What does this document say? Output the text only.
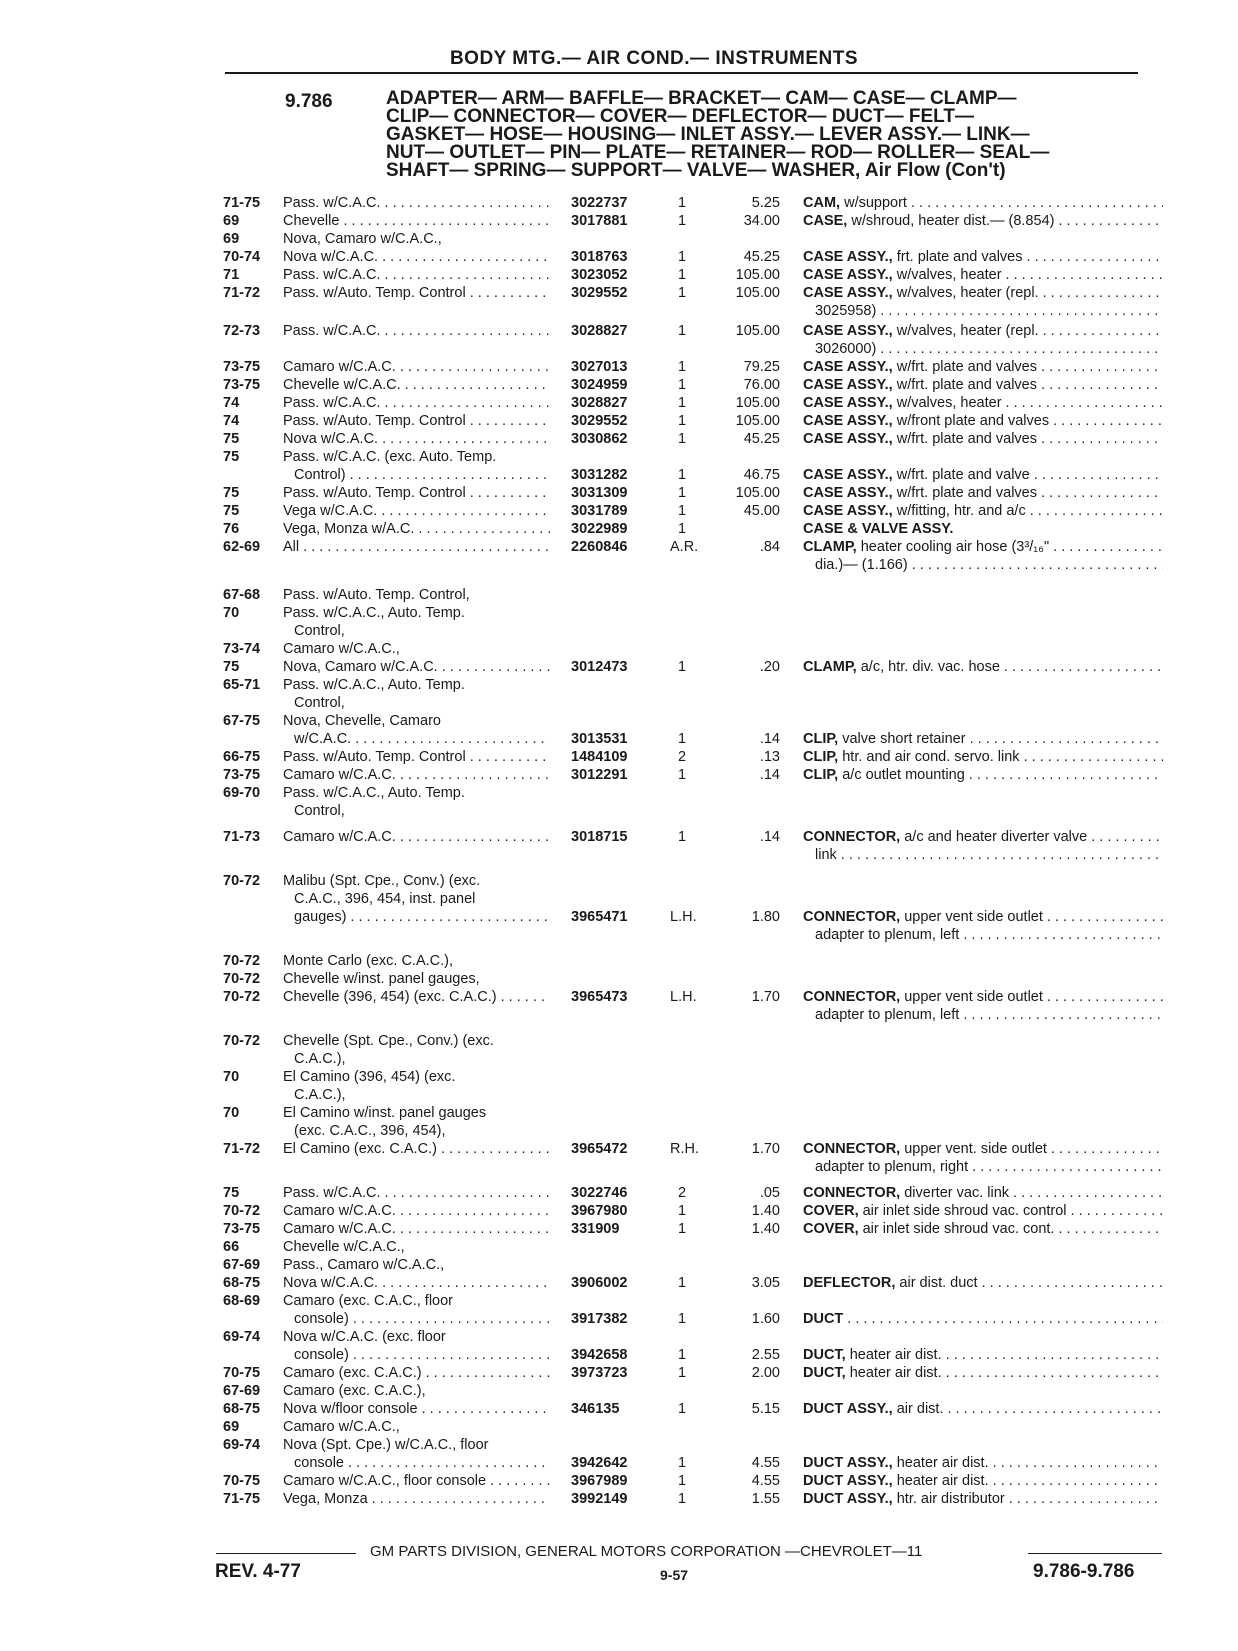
BODY MTG.— AIR COND.— INSTRUMENTS
9.786	ADAPTER— ARM— BAFFLE— BRACKET— CAM— CASE— CLAMP—
CLIP— CONNECTOR— COVER— DEFLECTOR— DUCT— FELT—
GASKET— HOSE— HOUSING— INLET ASSY.— LEVER ASSY.— LINK—
NUT— OUTLET— PIN— PLATE— RETAINER— ROD— ROLLER— SEAL—
SHAFT— SPRING— SUPPORT— VALVE— WASHER, Air Flow (Con't)
71-75 Pass. w/C.A.C. . . .	3022737	1	5.25 CAM, w/support . . .
69	Chevelle . . .	3017881	1	34.00 CASE, w/shroud, heater dist.— (8.854) . . .
69	Nova, Camaro w/C.A.C.,
70-74 Nova w/C.A.C. . . .	3018763	1	45.25 CASE ASSY., frt. plate and valves . . .
71	Pass. w/C.A.C. . . .	3023052	1	105.00 CASE ASSY., w/valves, heater . . .
71-72 Pass. w/Auto. Temp. Control . . .	3029552	1	105.00 CASE ASSY., w/valves, heater (repl. . . .
3025958) . . .
72-73 Pass. w/C.A.C. . . .	3028827	1	105.00 CASE ASSY., w/valves, heater (repl. . . .
3026000) . . .
73-75 Camaro w/C.A.C. . . .	3027013	1	79.25 CASE ASSY., w/frt. plate and valves . . .
73-75 Chevelle w/C.A.C. . . .	3024959	1	76.00 CASE ASSY., w/frt. plate and valves . . .
74	Pass. w/C.A.C. . . .	3028827	1	105.00 CASE ASSY., w/valves, heater . . .
74	Pass. w/Auto. Temp. Control . . .	3029552	1	105.00 CASE ASSY., w/front plate and valves . . .
75	Nova w/C.A.C. . . .	3030862	1	45.25 CASE ASSY., w/frt. plate and valves . . .
75	Pass. w/C.A.C. (exc. Auto. Temp.
Control) . . .	3031282	1	46.75 CASE ASSY., w/frt. plate and valve . . .
75	Pass. w/Auto. Temp. Control . . .	3031309	1	105.00 CASE ASSY., w/frt. plate and valves . . .
75	Vega w/C.A.C. . . .	3031789	1	45.00 CASE ASSY., w/fitting, htr. and a/c . . .
76	Vega, Monza w/A.C. . . .	3022989	1	CASE & VALVE ASSY.
62-69 All . . .	2260846	A.R.	.84 CLAMP, heater cooling air hose (3³/₁₆" . . .
dia.)— (1.166) . . .
67-68 Pass. w/Auto. Temp. Control,
70	Pass. w/C.A.C., Auto. Temp.
Control,
73-74 Camaro w/C.A.C.,
75	Nova, Camaro w/C.A.C. . . .	3012473	1	.20 CLAMP, a/c, htr. div. vac. hose . . .
65-71 Pass. w/C.A.C., Auto. Temp.
Control,
67-75 Nova, Chevelle, Camaro
w/C.A.C. . . .	3013531	1	.14 CLIP, valve short retainer . . .
66-75 Pass. w/Auto. Temp. Control . . .	1484109	2	.13 CLIP, htr. and air cond. servo. link . . .
73-75 Camaro w/C.A.C. . . .	3012291	1	.14 CLIP, a/c outlet mounting . . .
69-70 Pass. w/C.A.C., Auto. Temp.
Control,
71-73 Camaro w/C.A.C. . . .	3018715	1	.14 CONNECTOR, a/c and heater diverter valve . . .
link . . .
70-72 Malibu (Spt. Cpe., Conv.) (exc.
C.A.C., 396, 454, inst. panel
gauges) . . .	3965471	L.H.	1.80 CONNECTOR, upper vent side outlet . . .
adapter to plenum, left . . .
70-72 Monte Carlo (exc. C.A.C.),
70-72 Chevelle w/inst. panel gauges,
70-72 Chevelle (396, 454) (exc. C.A.C.) . . .	3965473	L.H.	1.70 CONNECTOR, upper vent side outlet . . .
adapter to plenum, left . . .
70-72 Chevelle (Spt. Cpe., Conv.) (exc.
C.A.C.),
70	El Camino (396, 454) (exc.
C.A.C.),
70	El Camino w/inst. panel gauges
(exc. C.A.C., 396, 454),
71-72 El Camino (exc. C.A.C.) . . .	3965472	R.H.	1.70 CONNECTOR, upper vent. side outlet . . .
adapter to plenum, right . . .
75	Pass. w/C.A.C. . . .	3022746	2	.05 CONNECTOR, diverter vac. link . . .
70-72 Camaro w/C.A.C. . . .	3967980	1	1.40 COVER, air inlet side shroud vac. control . . .
73-75 Camaro w/C.A.C. . . .	331909	1	1.40 COVER, air inlet side shroud vac. cont. . . .
66	Chevelle w/C.A.C.,
67-69 Pass., Camaro w/C.A.C.,
68-75 Nova w/C.A.C. . . .	3906002	1	3.05 DEFLECTOR, air dist. duct . . .
68-69 Camaro (exc. C.A.C., floor
console) . . .	3917382	1	1.60 DUCT . . .
69-74 Nova w/C.A.C. (exc. floor
console) . . .	3942658	1	2.55 DUCT, heater air dist. . . .
70-75 Camaro (exc. C.A.C.) . . .	3973723	1	2.00 DUCT, heater air dist. . . .
67-69 Camaro (exc. C.A.C.),
68-75 Nova w/floor console . . .	346135	1	5.15 DUCT ASSY., air dist. . . .
69	Camaro w/C.A.C.,
69-74 Nova (Spt. Cpe.) w/C.A.C., floor
console . . .	3942642	1	4.55 DUCT ASSY., heater air dist. . . .
70-75 Camaro w/C.A.C., floor console . . .	3967989	1	4.55 DUCT ASSY., heater air dist. . . .
71-75 Vega, Monza . . .	3992149	1	1.55 DUCT ASSY., htr. air distributor . . .
GM PARTS DIVISION, GENERAL MOTORS CORPORATION —CHEVROLET—11
REV. 4-77	9-57	9.786-9.786
